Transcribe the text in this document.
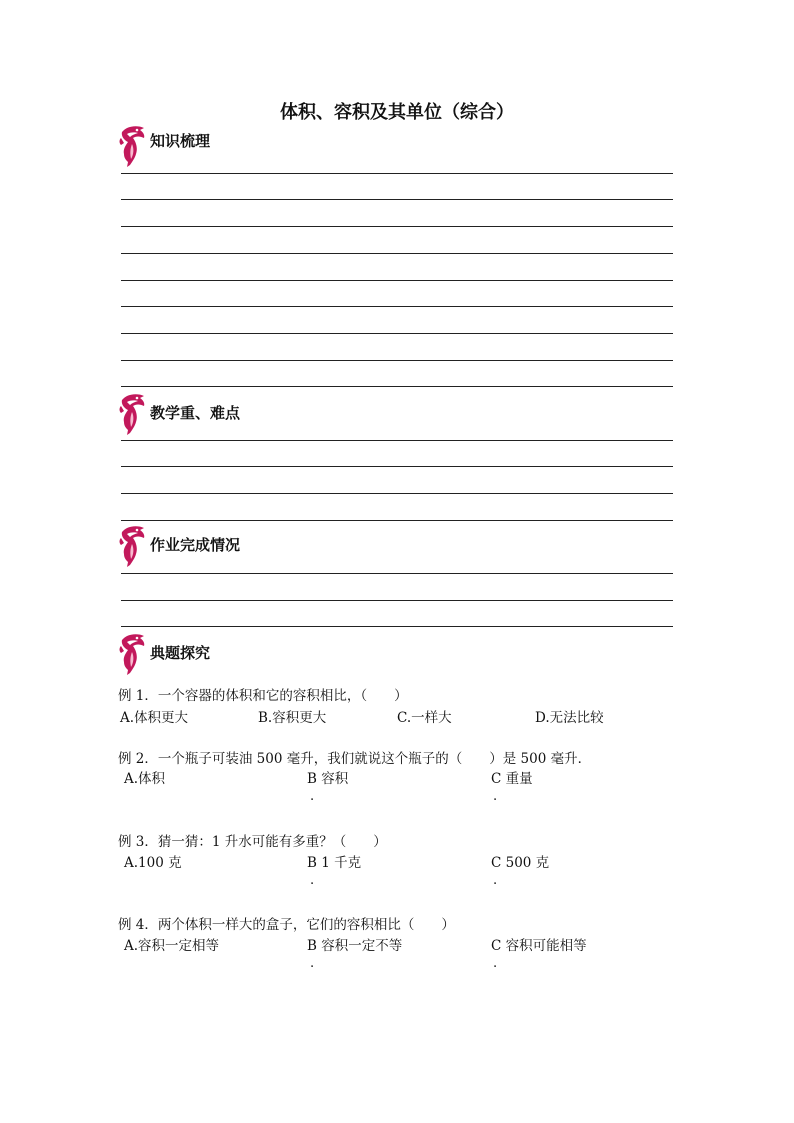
体积、容积及其单位（综合）
知识梳理
教学重、难点
作业完成情况
典题探究
例 1．一个容器的体积和它的容积相比，（　　）
A.体积更大	B.容积更大	C.一样大	D.无法比较
例 2．一个瓶子可装油 500 毫升，我们就说这个瓶子的（　　）是 500 毫升．
A.体积	B 容积	C 重量
.	.
例 3．猜一猜：1 升水可能有多重？（　　）
A.100 克	B 1 千克	C 500 克
.	.
例 4．两个体积一样大的盒子，它们的容积相比（　　）
A.容积一定相等	B 容积一定不等	C 容积可能相等
.	.
